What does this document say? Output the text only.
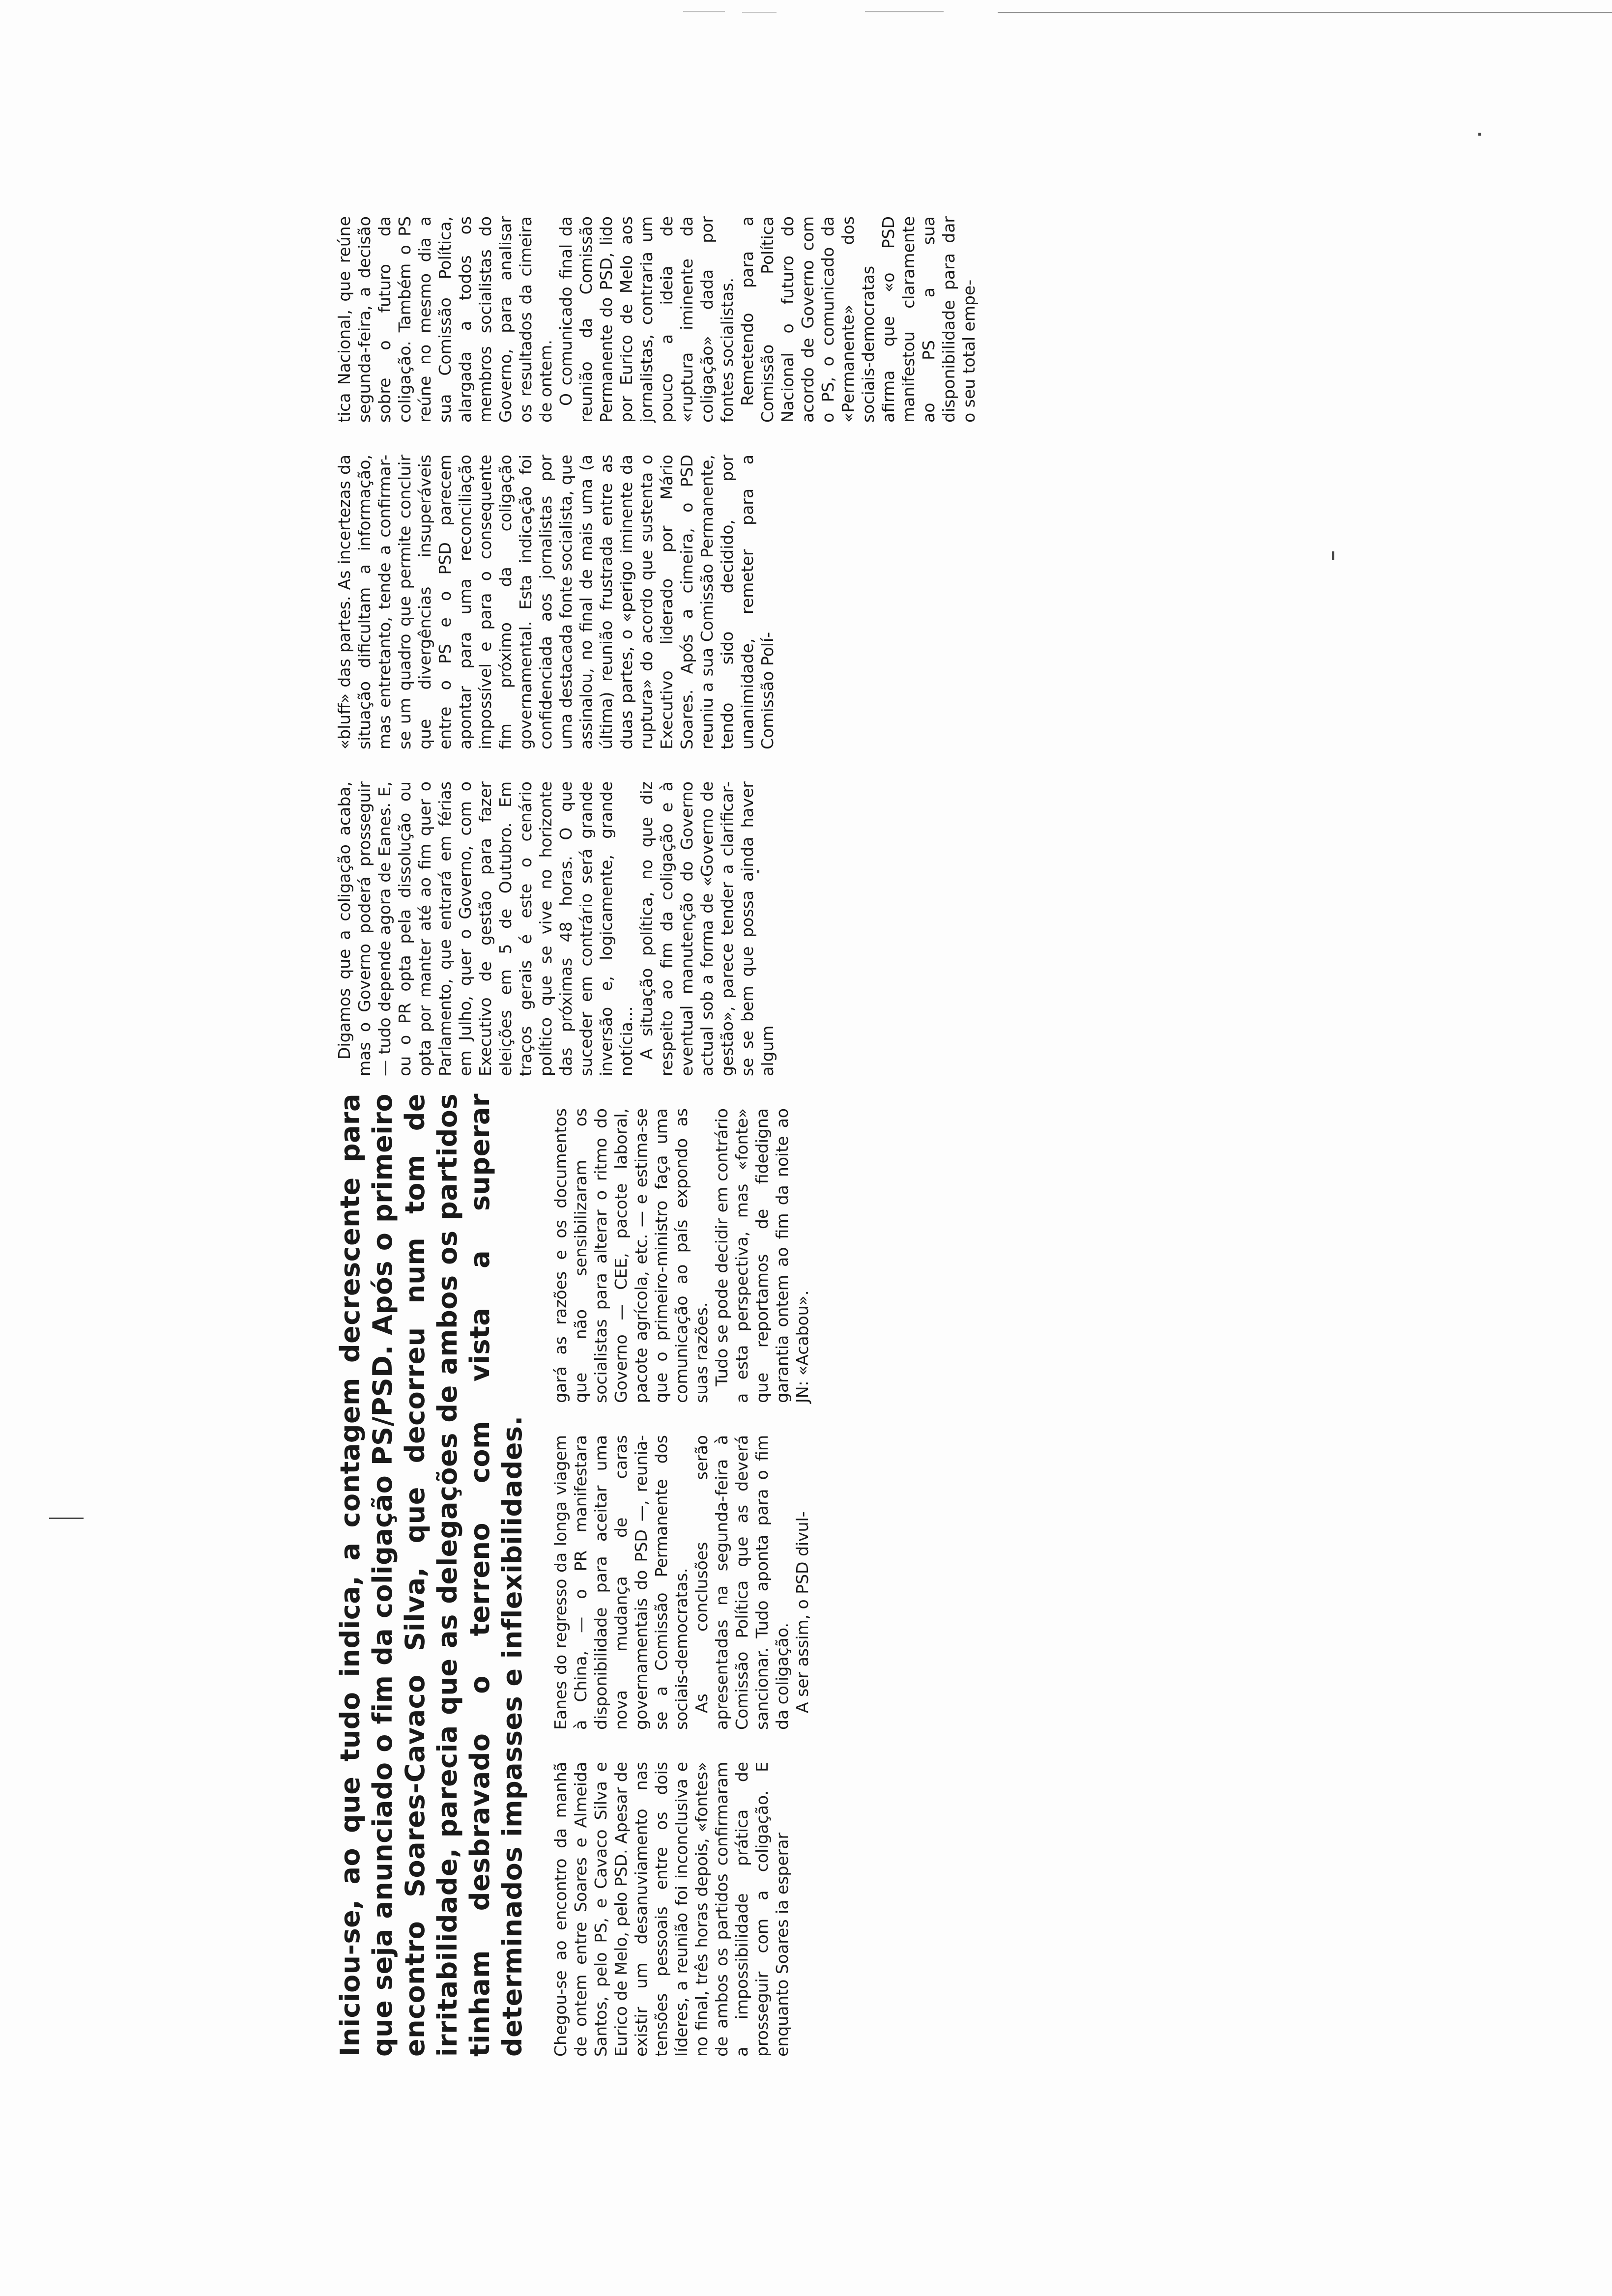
Iniciou-se, ao que tudo indica, a contagem decrescente para que seja anunciado o fim da coligação PS/PSD. Após o primeiro encontro Soares-Cavaco Silva, que decorreu num tom de irritabilidade, parecia que as delegações de ambos os partidos tinham desbravado o terreno com vista a superar determinados impasses e inflexibilidades. Chegou-se ao encontro da manhã de ontem entre Soares e Almeida Santos, pelo PS, e Cavaco Silva e Eurico de Melo, pelo PSD. Apesar de existir um desanuviamento nas tensões pessoais entre os dois líderes, a reunião foi inconclusiva e no final, três horas depois, «fontes» de ambos os partidos confirmaram a impossibilidade prática de prosseguir com a coligação. E enquanto Soares ia esperar

Eanes do regresso da longa viagem à China, — o PR manifestara disponibilidade para aceitar uma nova mudança de caras governamentais do PSD —, reunia-se a Comissão Permanente dos sociais-democratas. As conclusões serão apresentadas na segunda-feira à Comissão Política que as deverá sancionar. Tudo aponta para o fim da coligação. A ser assim, o PSD divul-

gará as razões e os documentos que não sensibilizaram os socialistas para alterar o ritmo do Governo — CEE, pacote laboral, pacote agrícola, etc. — e estima-se que o primeiro-ministro faça uma comunicação ao país expondo as suas razões. Tudo se pode decidir em contrário a esta perspectiva, mas «fonte» que reportamos de fidedigna garantia ontem ao fim da noite ao JN: «Acabou».

Digamos que a coligação acaba, mas o Governo poderá prosseguir — tudo depende agora de Eanes. E, ou o PR opta pela dissolução ou opta por manter até ao fim quer o Parlamento, que entrará em férias em Julho, quer o Governo, com o Executivo de gestão para fazer eleições em 5 de Outubro. Em traços gerais é este o cenário político que se vive no horizonte das próximas 48 horas. O que suceder em contrário será grande inversão e, logicamente, grande notícia... A situação política, no que diz respeito ao fim da coligação e à eventual manutenção do Governo actual sob a forma de «Governo de gestão», parece tender a clarificar-se se bem que possa ainda haver algum

«bluff» das partes. As incertezas da situação dificultam a informação, mas entretanto, tende a confirmar-se um quadro que permite concluir que divergências insuperáveis entre o PS e o PSD parecem apontar para uma reconciliação impossível e para o consequente fim próximo da coligação governamental. Esta indicação foi confidenciada aos jornalistas por uma destacada fonte socialista, que assinalou, no final de mais uma (a última) reunião frustrada entre as duas partes, o «perigo iminente da ruptura» do acordo que sustenta o Executivo liderado por Mário Soares. Após a cimeira, o PSD reuniu a sua Comissão Permanente, tendo sido decidido, por unanimidade, remeter para a Comissão Polí-

tica Nacional, que reúne segunda-feira, a decisão sobre o futuro da coligação. Também o PS reúne no mesmo dia a sua Comissão Política, alargada a todos os membros socialistas do Governo, para analisar os resultados da cimeira de ontem. O comunicado final da reunião da Comissão Permanente do PSD, lido por Eurico de Melo aos jornalistas, contraria um pouco a ideia de «ruptura iminente da coligação» dada por fontes socialistas. Remetendo para a Comissão Política Nacional o futuro do acordo de Governo com o PS, o comunicado da «Permanente» dos sociais-democratas afirma que «o PSD manifestou claramente ao PS a sua disponibilidade para dar o seu total empe-
